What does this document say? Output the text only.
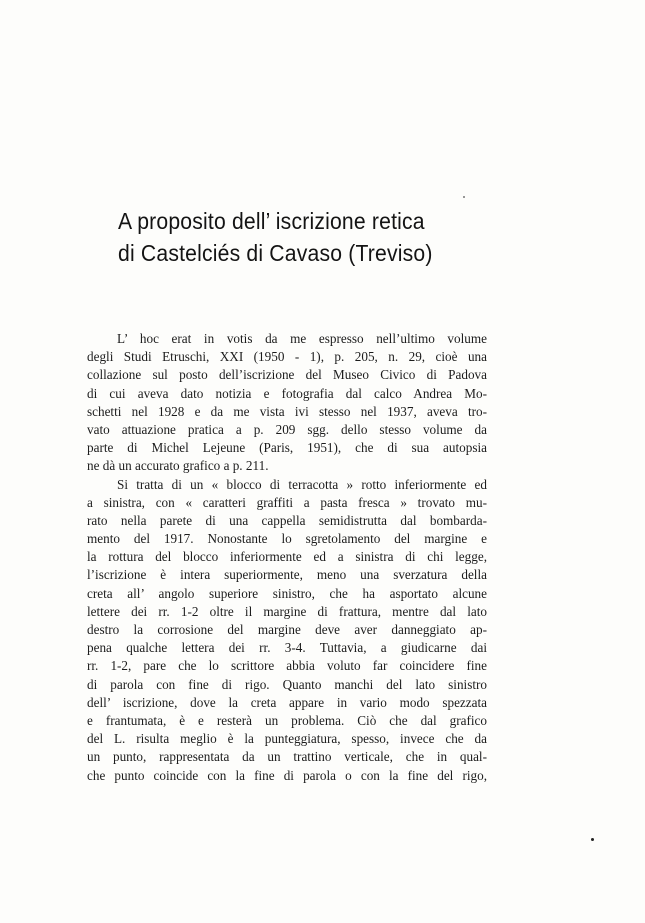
A proposito dell’ iscrizione retica
di Castelciés di Cavaso (Treviso)
L’ hoc erat in votis da me espresso nell’ultimo volume
degli Studi Etruschi, XXI (1950 - 1), p. 205, n. 29, cioè una
collazione sul posto dell’iscrizione del Museo Civico di Padova
di cui aveva dato notizia e fotografia dal calco Andrea Mo-
schetti nel 1928 e da me vista ivi stesso nel 1937, aveva tro-
vato attuazione pratica a p. 209 sgg. dello stesso volume da
parte di Michel Lejeune (Paris, 1951), che di sua autopsia
ne dà un accurato grafico a p. 211.
Si tratta di un « blocco di terracotta » rotto inferiormente ed
a sinistra, con « caratteri graffiti a pasta fresca » trovato mu-
rato nella parete di una cappella semidistrutta dal bombarda-
mento del 1917. Nonostante lo sgretolamento del margine e
la rottura del blocco inferiormente ed a sinistra di chi legge,
l’iscrizione è intera superiormente, meno una sverzatura della
creta all’ angolo superiore sinistro, che ha asportato alcune
lettere dei rr. 1-2 oltre il margine di frattura, mentre dal lato
destro la corrosione del margine deve aver danneggiato ap-
pena qualche lettera dei rr. 3-4. Tuttavia, a giudicarne dai
rr. 1-2, pare che lo scrittore abbia voluto far coincidere fine
di parola con fine di rigo. Quanto manchi del lato sinistro
dell’ iscrizione, dove la creta appare in vario modo spezzata
e frantumata, è e resterà un problema. Ciò che dal grafico
del L. risulta meglio è la punteggiatura, spesso, invece che da
un punto, rappresentata da un trattino verticale, che in qual-
che punto coincide con la fine di parola o con la fine del rigo,
